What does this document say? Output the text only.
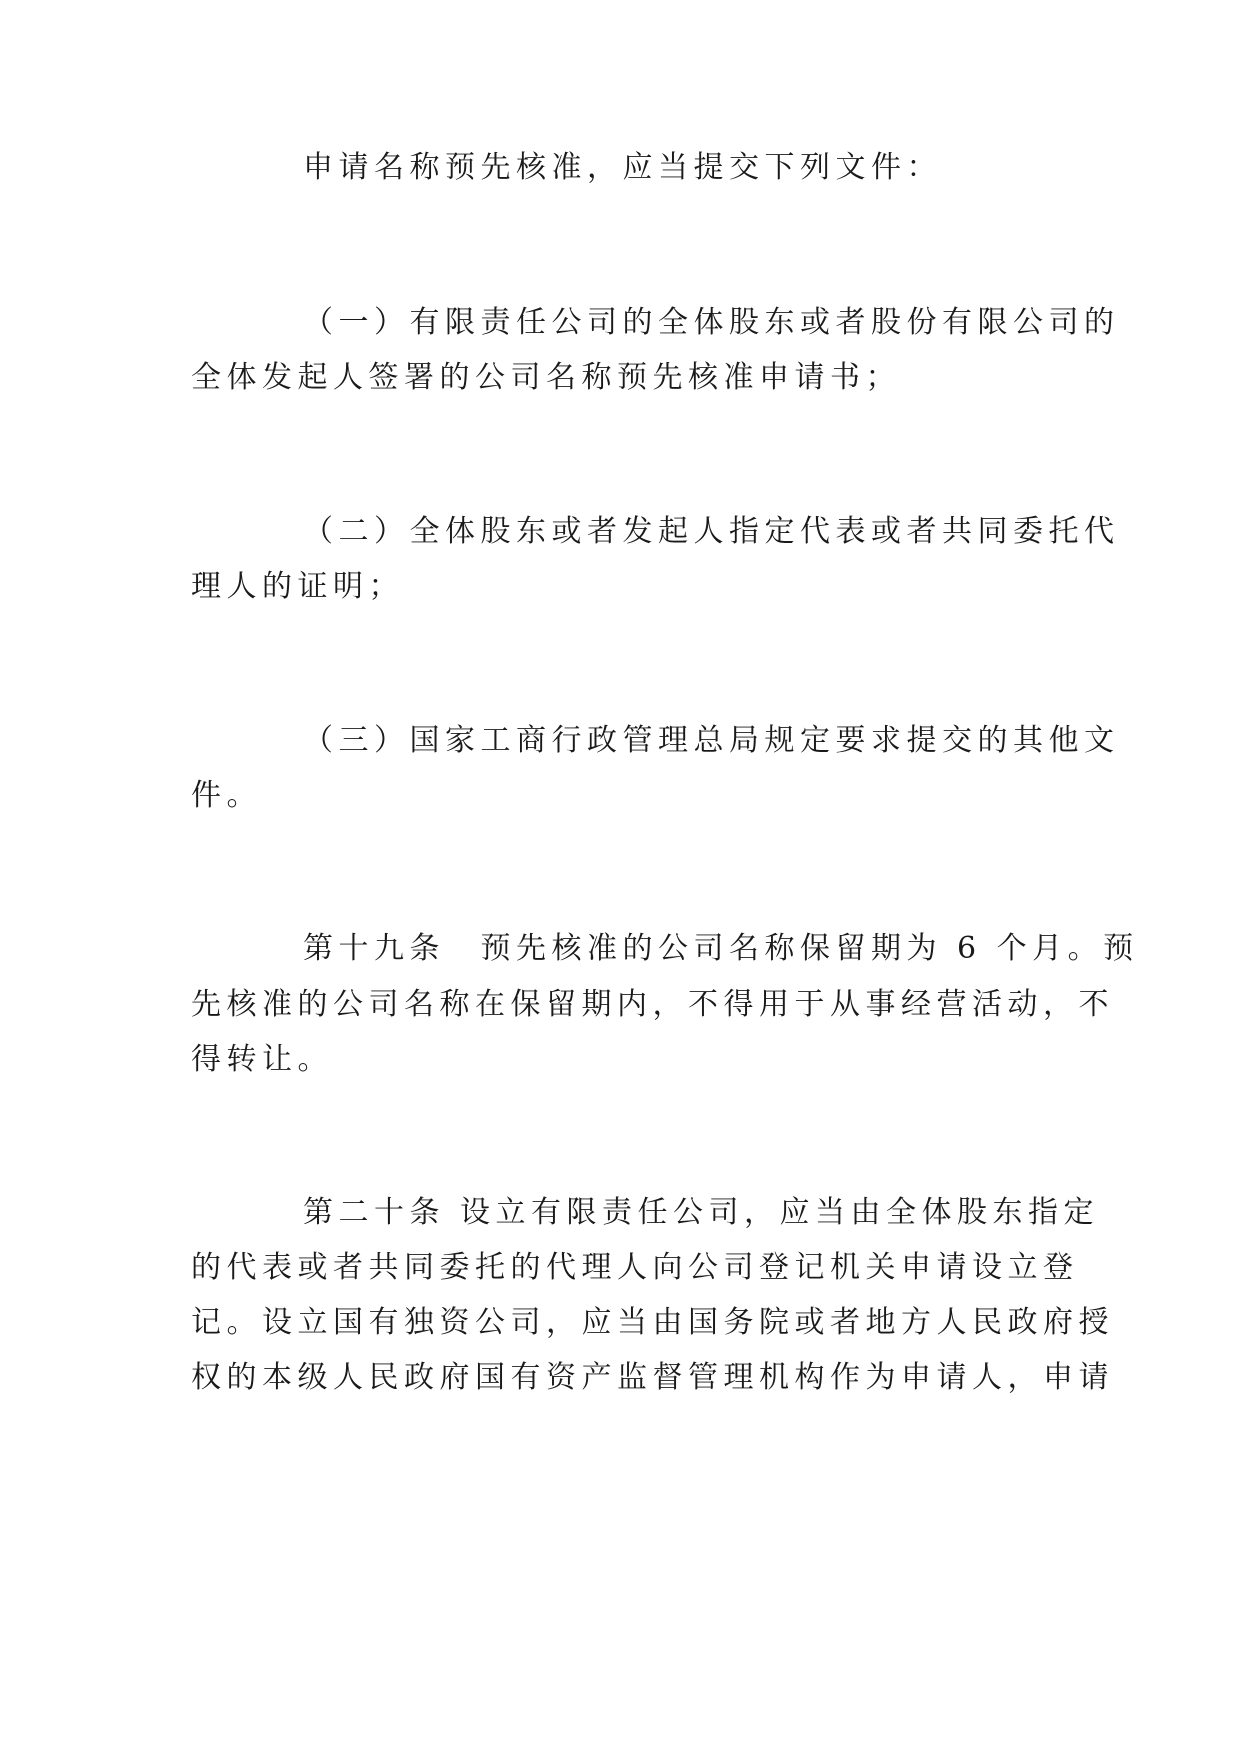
申请名称预先核准，应当提交下列文件：
（一）有限责任公司的全体股东或者股份有限公司的
全体发起人签署的公司名称预先核准申请书；
（二）全体股东或者发起人指定代表或者共同委托代
理人的证明；
（三）国家工商行政管理总局规定要求提交的其他文
件。
第十九条　预先核准的公司名称保留期为 6 个月。预
先核准的公司名称在保留期内，不得用于从事经营活动，不
得转让。
第二十条 设立有限责任公司，应当由全体股东指定
的代表或者共同委托的代理人向公司登记机关申请设立登
记。设立国有独资公司，应当由国务院或者地方人民政府授
权的本级人民政府国有资产监督管理机构作为申请人，申请
